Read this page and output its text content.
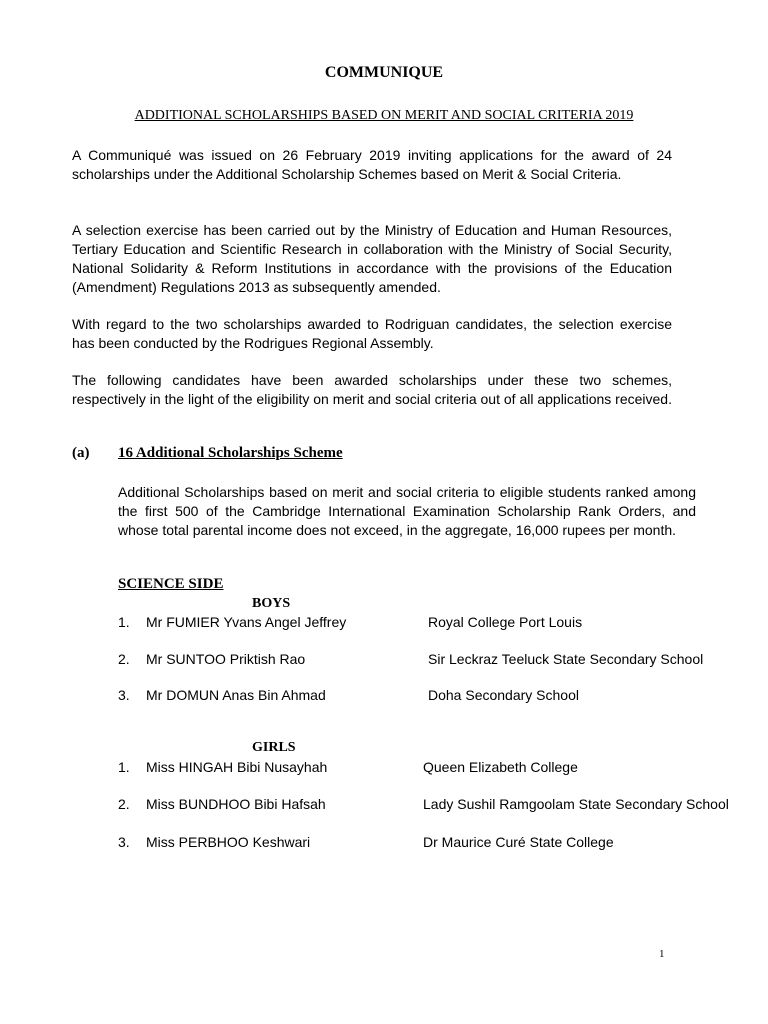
COMMUNIQUE
ADDITIONAL SCHOLARSHIPS BASED ON MERIT AND SOCIAL CRITERIA 2019
A Communiqué was issued on 26 February 2019 inviting applications for the award of 24 scholarships under the Additional Scholarship Schemes based on Merit & Social Criteria.
A selection exercise has been carried out by the Ministry of Education and Human Resources, Tertiary Education and Scientific Research in collaboration with the Ministry of Social Security, National Solidarity & Reform Institutions in accordance with the provisions of the Education (Amendment) Regulations 2013 as subsequently amended.
With regard to the two scholarships awarded to Rodriguan candidates, the selection exercise has been conducted by the Rodrigues Regional Assembly.
The following candidates have been awarded scholarships under these two schemes, respectively in the light of the eligibility on merit and social criteria out of all applications received.
(a) 16 Additional Scholarships Scheme
Additional Scholarships based on merit and social criteria to eligible students ranked among the first 500 of the Cambridge International Examination Scholarship Rank Orders, and whose total parental income does not exceed, in the aggregate, 16,000 rupees per month.
SCIENCE SIDE
BOYS
1. Mr FUMIER Yvans Angel Jeffrey	Royal College Port Louis
2. Mr SUNTOO Priktish Rao	Sir Leckraz Teeluck State Secondary School
3. Mr DOMUN Anas Bin Ahmad	Doha Secondary School
GIRLS
1. Miss HINGAH Bibi Nusayhah	Queen Elizabeth College
2. Miss BUNDHOO Bibi Hafsah	Lady Sushil Ramgoolam State Secondary School
3. Miss PERBHOO Keshwari	Dr Maurice Curé State College
1
